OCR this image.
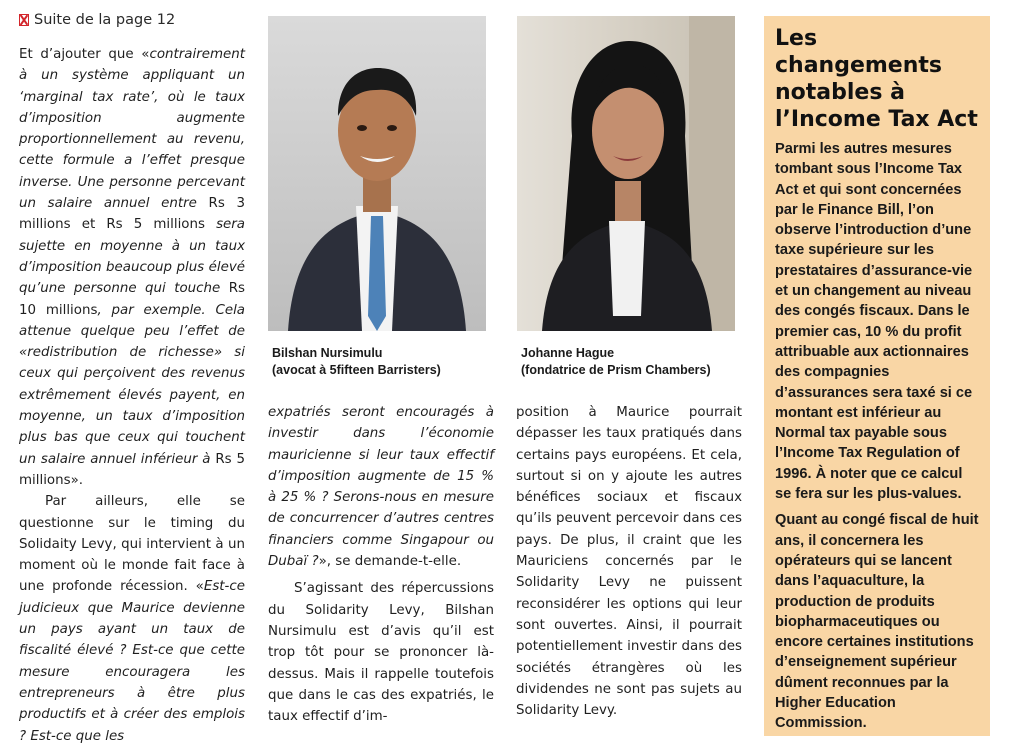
Suite de la page 12

Et d’ajouter que «contrairement à un système appliquant un ‘marginal tax rate’, où le taux d’imposition augmente proportionnellement au revenu, cette formule a l’effet presque inverse. Une personne percevant un salaire annuel entre Rs 3 millions et Rs 5 millions sera sujette en moyenne à un taux d’imposition beaucoup plus élevé qu’une personne qui touche Rs 10 millions, par exemple. Cela attenue quelque peu l’effet de «redistribution de richesse» si ceux qui perçoivent des revenus extrêmement élevés payent, en moyenne, un taux d’imposition plus bas que ceux qui touchent un salaire annuel inférieur à Rs 5 millions».

Par ailleurs, elle se questionne sur le timing du Solidaity Levy, qui intervient à un moment où le monde fait face à une profonde récession. «Est-ce judicieux que Maurice devienne un pays ayant un taux de fiscalité élevé ? Est-ce que cette mesure encouragera les entrepreneurs à être plus productifs et à créer des emplois ? Est-ce que les

Bilshan Nursimulu
(avocat à 5fifteen Barristers)
Johanne Hague
(fondatrice de Prism Chambers)

expatriés seront encouragés à investir dans l’économie mauricienne si leur taux effectif d’imposition augmente de 15 % à 25 % ? Serons-nous en mesure de concurrencer d’autres centres financiers comme Singapour ou Dubaï ?», se demande-t-elle.

S’agissant des répercussions du Solidarity Levy, Bilshan Nursimulu est d’avis qu’il est trop tôt pour se prononcer là-dessus. Mais il rappelle toutefois que dans le cas des expatriés, le taux effectif d’im-

position à Maurice pourrait dépasser les taux pratiqués dans certains pays européens. Et cela, surtout si on y ajoute les autres bénéfices sociaux et fiscaux qu’ils peuvent percevoir dans ces pays. De plus, il craint que les Mauriciens concernés par le Solidarity Levy ne puissent reconsidérer les options qui leur sont ouvertes. Ainsi, il pourrait potentiellement investir dans des sociétés étrangères où les dividendes ne sont pas sujets au Solidarity Levy.

Les changements notables à l’Income Tax Act

Parmi les autres mesures tombant sous l’Income Tax Act et qui sont concernées par le Finance Bill, l’on observe l’introduction d’une taxe supérieure sur les prestataires d’assurance-vie et un changement au niveau des congés fiscaux. Dans le premier cas, 10 % du profit attribuable aux actionnaires des compagnies d’assurances sera taxé si ce montant est inférieur au Normal tax payable sous l’Income Tax Regulation of 1996. À noter que ce calcul se fera sur les plus-values.

Quant au congé fiscal de huit ans, il concernera les opérateurs qui se lancent dans l’aquaculture, la production de produits biopharmaceutiques ou encore certaines institutions d’enseignement supérieur dûment reconnues par la Higher Education Commission.
